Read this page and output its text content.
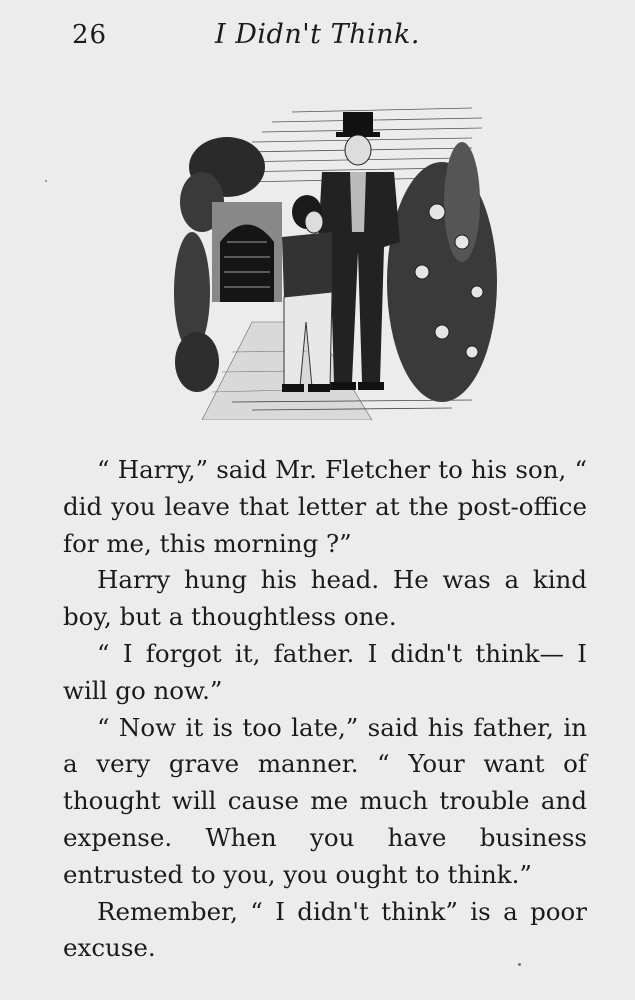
26	I Didn't Think.

“ Harry,” said Mr. Fletcher to his son, “ did you leave that letter at the post-office for me, this morning ?”

Harry hung his head. He was a kind boy, but a thoughtless one.

“ I forgot it, father. I didn't think— I will go now.”

“ Now it is too late,” said his father, in a very grave manner. “ Your want of thought will cause me much trouble and expense. When you have business entrusted to you, you ought to think.”

Remember, “ I didn't think” is a poor excuse.
